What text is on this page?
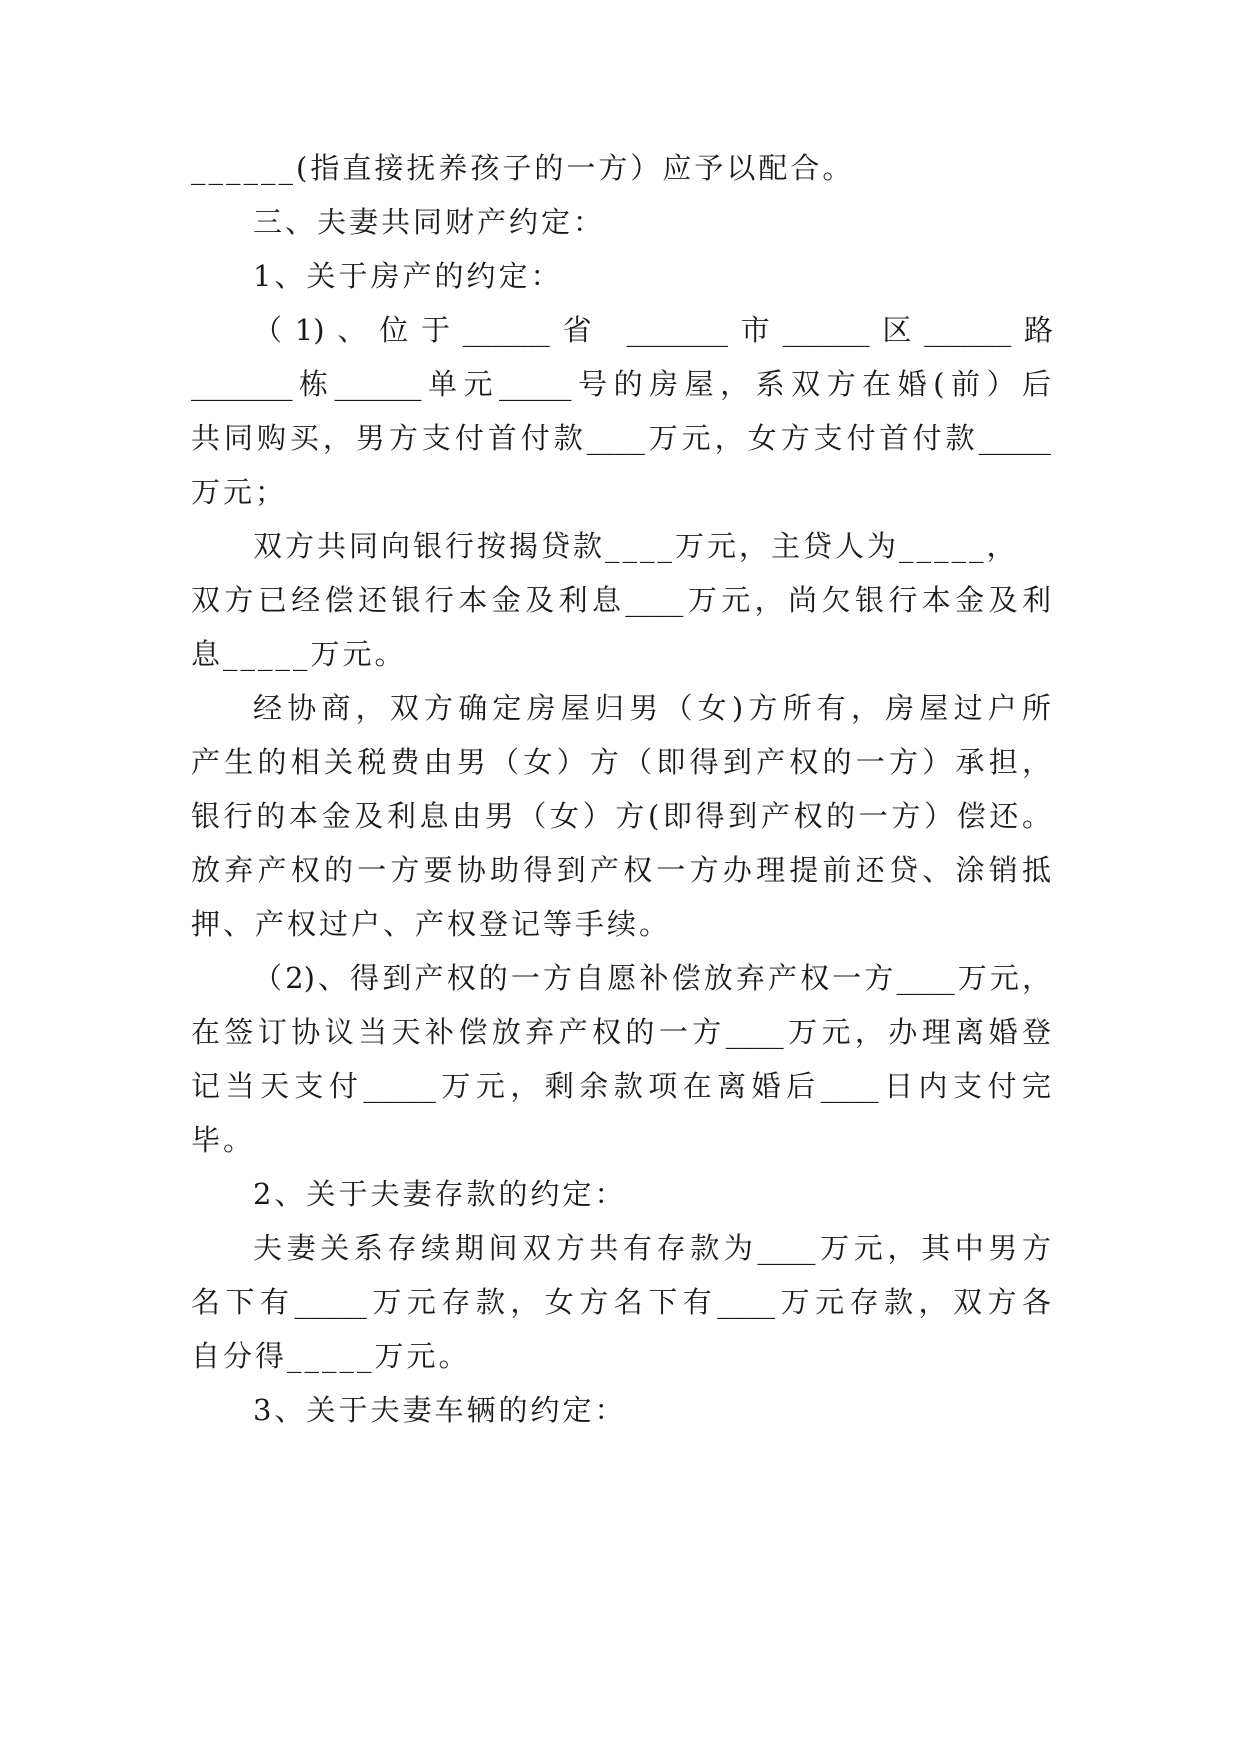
______(指直接抚养孩子的一方）应予以配合。

三、夫妻共同财产约定：

1、关于房产的约定：

（1)、位于______省 _______市______区______路

_______栋______单元_____号的房屋，系双方在婚(前）后

共同购买，男方支付首付款____万元，女方支付首付款_____

万元；

双方共同向银行按揭贷款____万元，主贷人为_____，

双方已经偿还银行本金及利息____万元，尚欠银行本金及利

息_____万元。

经协商，双方确定房屋归男（女)方所有，房屋过户所

产生的相关税费由男（女）方（即得到产权的一方）承担，

银行的本金及利息由男（女）方(即得到产权的一方）偿还。

放弃产权的一方要协助得到产权一方办理提前还贷、涂销抵

押、产权过户、产权登记等手续。

（2)、得到产权的一方自愿补偿放弃产权一方____万元，

在签订协议当天补偿放弃产权的一方____万元，办理离婚登

记当天支付_____万元，剩余款项在离婚后____日内支付完

毕。

2、关于夫妻存款的约定：

夫妻关系存续期间双方共有存款为____万元，其中男方

名下有_____万元存款，女方名下有____万元存款，双方各

自分得_____万元。

3、关于夫妻车辆的约定：
